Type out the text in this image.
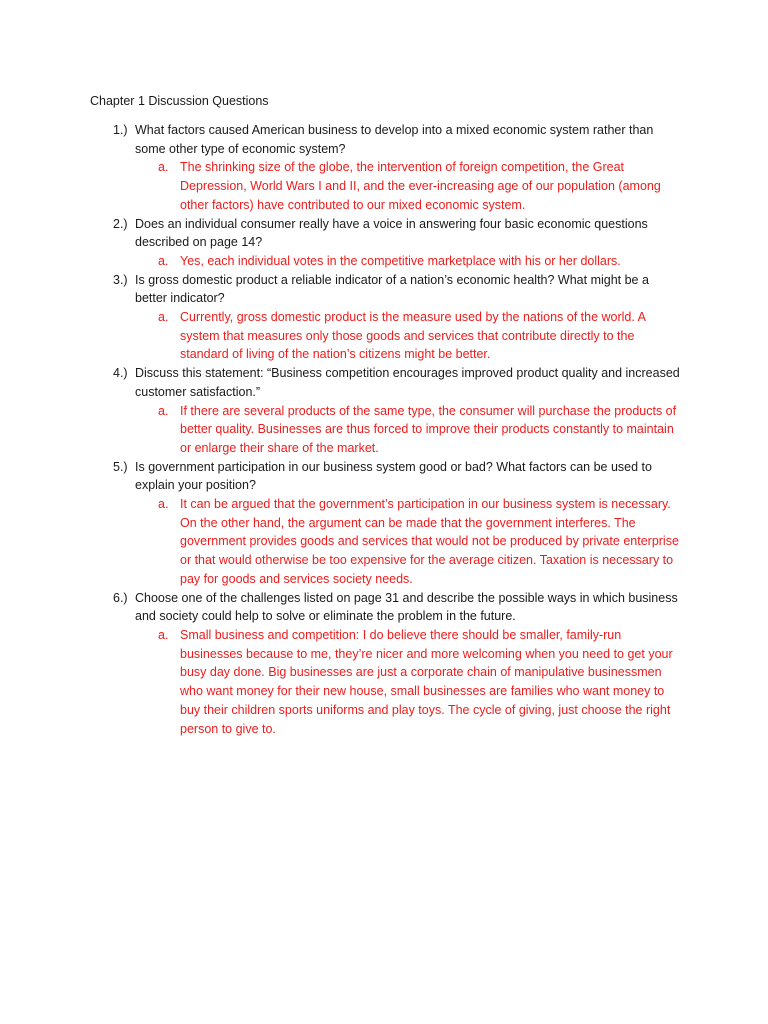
Chapter 1 Discussion Questions
1.) What factors caused American business to develop into a mixed economic system rather than some other type of economic system?
a. The shrinking size of the globe, the intervention of foreign competition, the Great Depression, World Wars I and II, and the ever-increasing age of our population (among other factors) have contributed to our mixed economic system.
2.) Does an individual consumer really have a voice in answering four basic economic questions described on page 14?
a. Yes, each individual votes in the competitive marketplace with his or her dollars.
3.) Is gross domestic product a reliable indicator of a nation’s economic health? What might be a better indicator?
a. Currently, gross domestic product is the measure used by the nations of the world. A system that measures only those goods and services that contribute directly to the standard of living of the nation’s citizens might be better.
4.) Discuss this statement: “Business competition encourages improved product quality and increased customer satisfaction.”
a. If there are several products of the same type, the consumer will purchase the products of better quality. Businesses are thus forced to improve their products constantly to maintain or enlarge their share of the market.
5.) Is government participation in our business system good or bad? What factors can be used to explain your position?
a. It can be argued that the government’s participation in our business system is necessary. On the other hand, the argument can be made that the government interferes. The government provides goods and services that would not be produced by private enterprise or that would otherwise be too expensive for the average citizen. Taxation is necessary to pay for goods and services society needs.
6.) Choose one of the challenges listed on page 31 and describe the possible ways in which business and society could help to solve or eliminate the problem in the future.
a. Small business and competition: I do believe there should be smaller, family-run businesses because to me, they’re nicer and more welcoming when you need to get your busy day done. Big businesses are just a corporate chain of manipulative businessmen who want money for their new house, small businesses are families who want money to buy their children sports uniforms and play toys. The cycle of giving, just choose the right person to give to.
